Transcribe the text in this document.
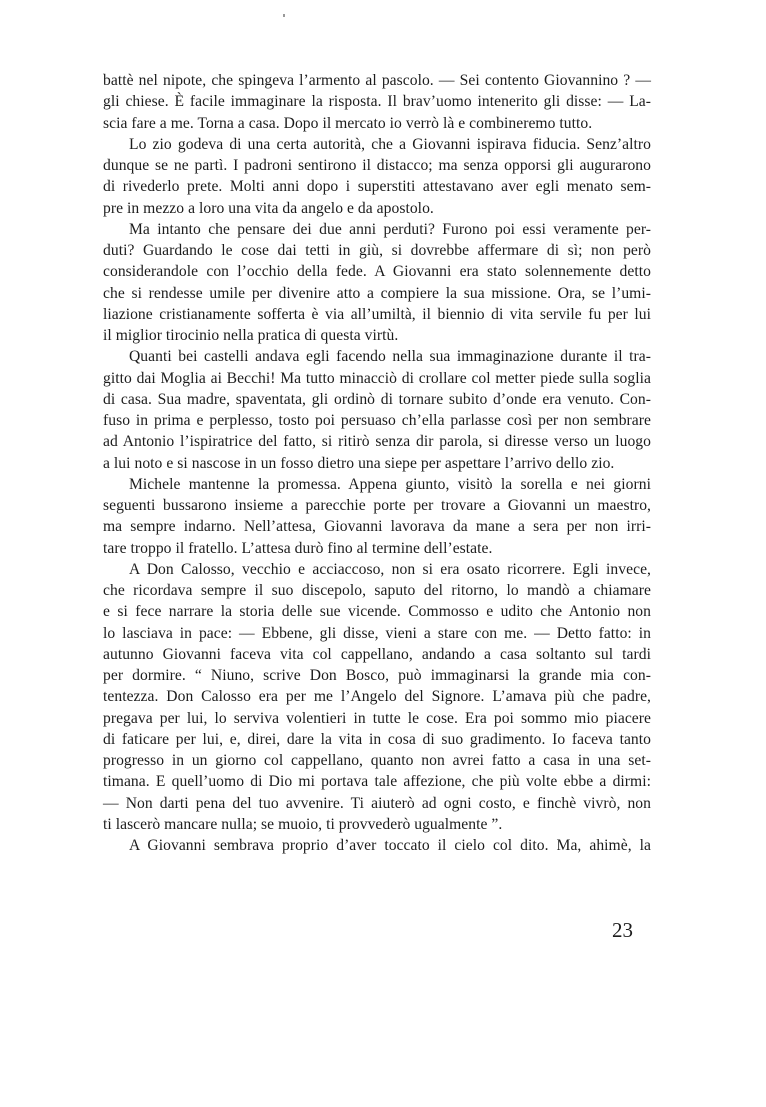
battè nel nipote, che spingeva l’armento al pascolo. — Sei contento Giovannino ? —
gli chiese. È facile immaginare la risposta. Il brav’uomo intenerito gli disse: — La-
scia fare a me. Torna a casa. Dopo il mercato io verrò là e combineremo tutto.
Lo zio godeva di una certa autorità, che a Giovanni ispirava fiducia. Senz’altro
dunque se ne partì. I padroni sentirono il distacco; ma senza opporsi gli augurarono
di rivederlo prete. Molti anni dopo i superstiti attestavano aver egli menato sem-
pre in mezzo a loro una vita da angelo e da apostolo.
Ma intanto che pensare dei due anni perduti? Furono poi essi veramente per-
duti? Guardando le cose dai tetti in giù, si dovrebbe affermare di sì; non però
considerandole con l’occhio della fede. A Giovanni era stato solennemente detto
che si rendesse umile per divenire atto a compiere la sua missione. Ora, se l’umi-
liazione cristianamente sofferta è via all’umiltà, il biennio di vita servile fu per lui
il miglior tirocinio nella pratica di questa virtù.
Quanti bei castelli andava egli facendo nella sua immaginazione durante il tra-
gitto dai Moglia ai Becchi! Ma tutto minacciò di crollare col metter piede sulla soglia
di casa. Sua madre, spaventata, gli ordinò di tornare subito d’onde era venuto. Con-
fuso in prima e perplesso, tosto poi persuaso ch’ella parlasse così per non sembrare
ad Antonio l’ispiratrice del fatto, si ritirò senza dir parola, si diresse verso un luogo
a lui noto e si nascose in un fosso dietro una siepe per aspettare l’arrivo dello zio.
Michele mantenne la promessa. Appena giunto, visitò la sorella e nei giorni
seguenti bussarono insieme a parecchie porte per trovare a Giovanni un maestro,
ma sempre indarno. Nell’attesa, Giovanni lavorava da mane a sera per non irri-
tare troppo il fratello. L’attesa durò fino al termine dell’estate.
A Don Calosso, vecchio e acciaccoso, non si era osato ricorrere. Egli invece,
che ricordava sempre il suo discepolo, saputo del ritorno, lo mandò a chiamare
e si fece narrare la storia delle sue vicende. Commosso e udito che Antonio non
lo lasciava in pace: — Ebbene, gli disse, vieni a stare con me. — Detto fatto: in
autunno Giovanni faceva vita col cappellano, andando a casa soltanto sul tardi
per dormire. “ Niuno, scrive Don Bosco, può immaginarsi la grande mia con-
tentezza. Don Calosso era per me l’Angelo del Signore. L’amava più che padre,
pregava per lui, lo serviva volentieri in tutte le cose. Era poi sommo mio piacere
di faticare per lui, e, direi, dare la vita in cosa di suo gradimento. Io faceva tanto
progresso in un giorno col cappellano, quanto non avrei fatto a casa in una set-
timana. E quell’uomo di Dio mi portava tale affezione, che più volte ebbe a dirmi:
— Non darti pena del tuo avvenire. Ti aiuterò ad ogni costo, e finchè vivrò, non
ti lascerò mancare nulla; se muoio, ti provvederò ugualmente ”.
A Giovanni sembrava proprio d’aver toccato il cielo col dito. Ma, ahimè, la
23
